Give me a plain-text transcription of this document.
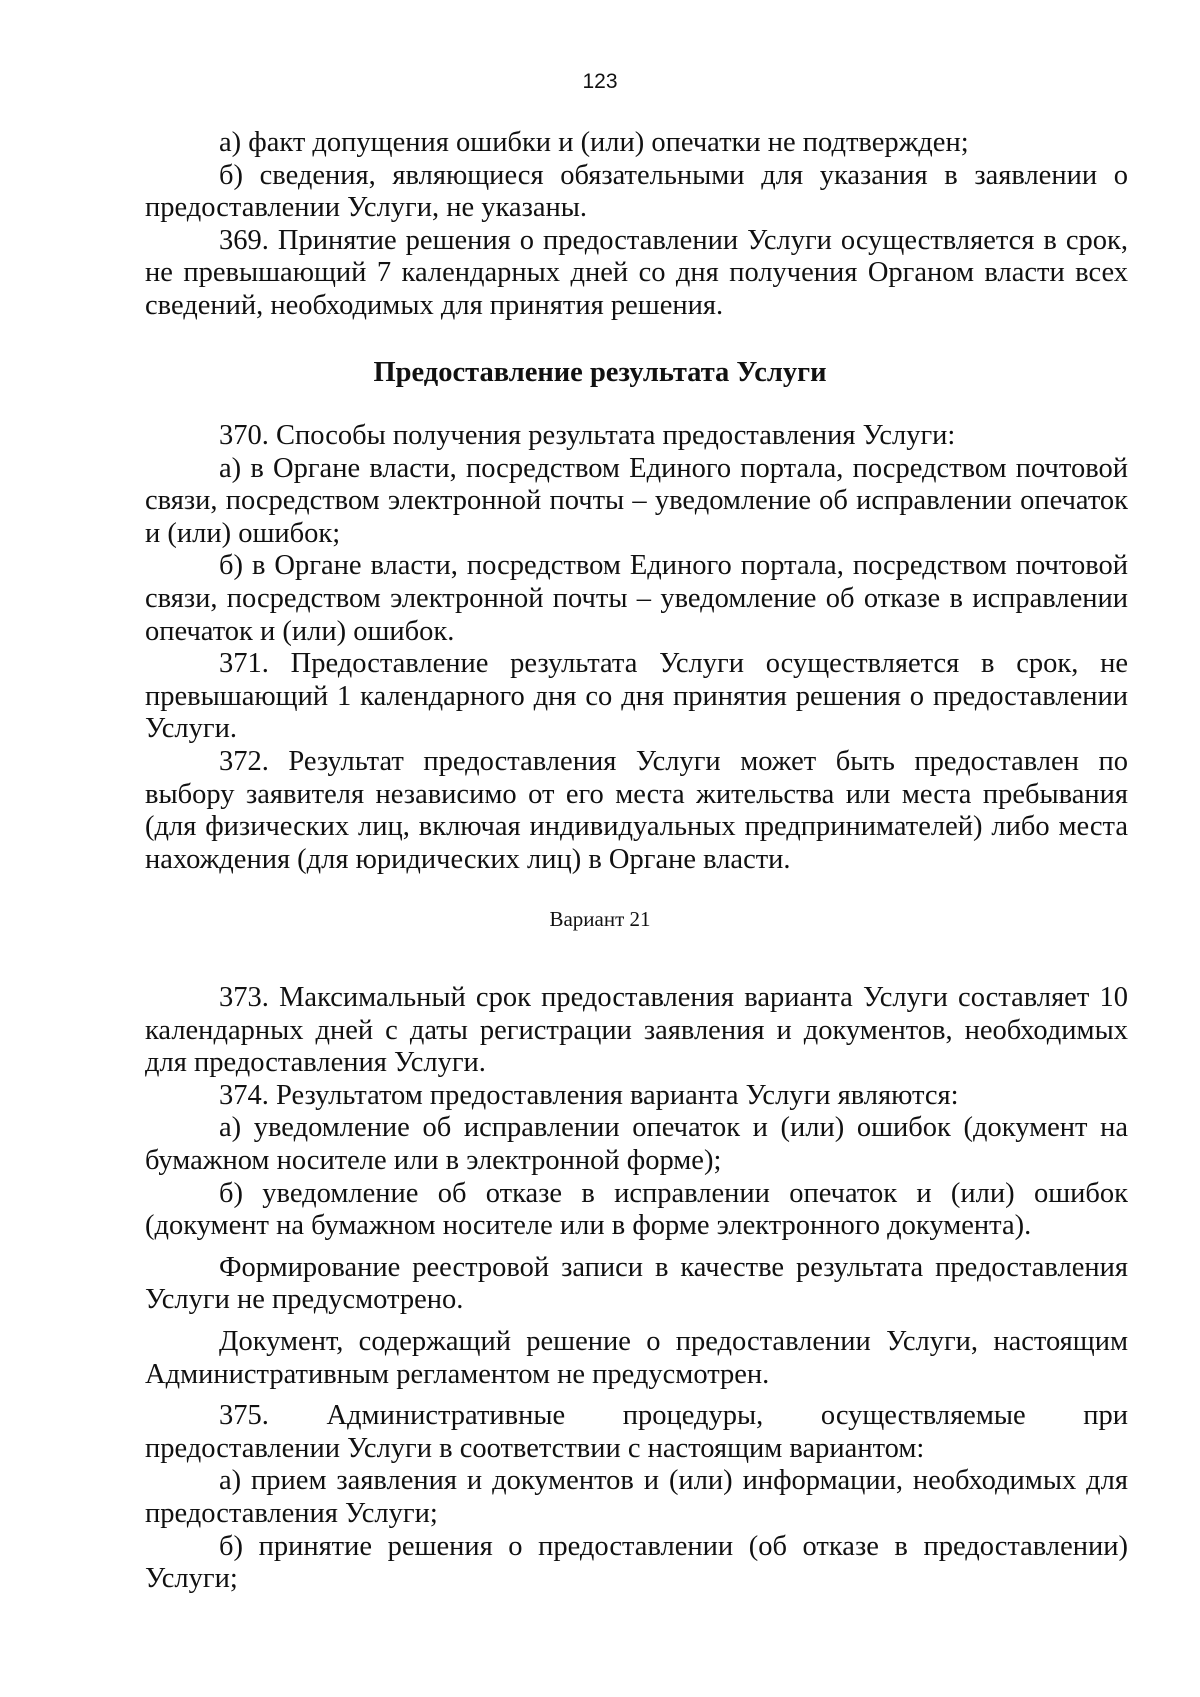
123

а) факт допущения ошибки и (или) опечатки не подтвержден;

б) сведения, являющиеся обязательными для указания в заявлении о предоставлении Услуги, не указаны.

369. Принятие решения о предоставлении Услуги осуществляется в срок, не превышающий 7 календарных дней со дня получения Органом власти всех сведений, необходимых для принятия решения.

Предоставление результата Услуги

370. Способы получения результата предоставления Услуги:

а) в Органе власти, посредством Единого портала, посредством почтовой связи, посредством электронной почты – уведомление об исправлении опечаток и (или) ошибок;

б) в Органе власти, посредством Единого портала, посредством почтовой связи, посредством электронной почты – уведомление об отказе в исправлении опечаток и (или) ошибок.

371. Предоставление результата Услуги осуществляется в срок, не превышающий 1 календарного дня со дня принятия решения о предоставлении Услуги.

372. Результат предоставления Услуги может быть предоставлен по выбору заявителя независимо от его места жительства или места пребывания (для физических лиц, включая индивидуальных предпринимателей) либо места нахождения (для юридических лиц) в Органе власти.

Вариант 21

373. Максимальный срок предоставления варианта Услуги составляет 10 календарных дней с даты регистрации заявления и документов, необходимых для предоставления Услуги.

374. Результатом предоставления варианта Услуги являются:

а) уведомление об исправлении опечаток и (или) ошибок (документ на бумажном носителе или в электронной форме);

б) уведомление об отказе в исправлении опечаток и (или) ошибок (документ на бумажном носителе или в форме электронного документа).

Формирование реестровой записи в качестве результата предоставления Услуги не предусмотрено.

Документ, содержащий решение о предоставлении Услуги, настоящим Административным регламентом не предусмотрен.

375. Административные процедуры, осуществляемые при предоставлении Услуги в соответствии с настоящим вариантом:

а) прием заявления и документов и (или) информации, необходимых для предоставления Услуги;

б) принятие решения о предоставлении (об отказе в предоставлении) Услуги;
